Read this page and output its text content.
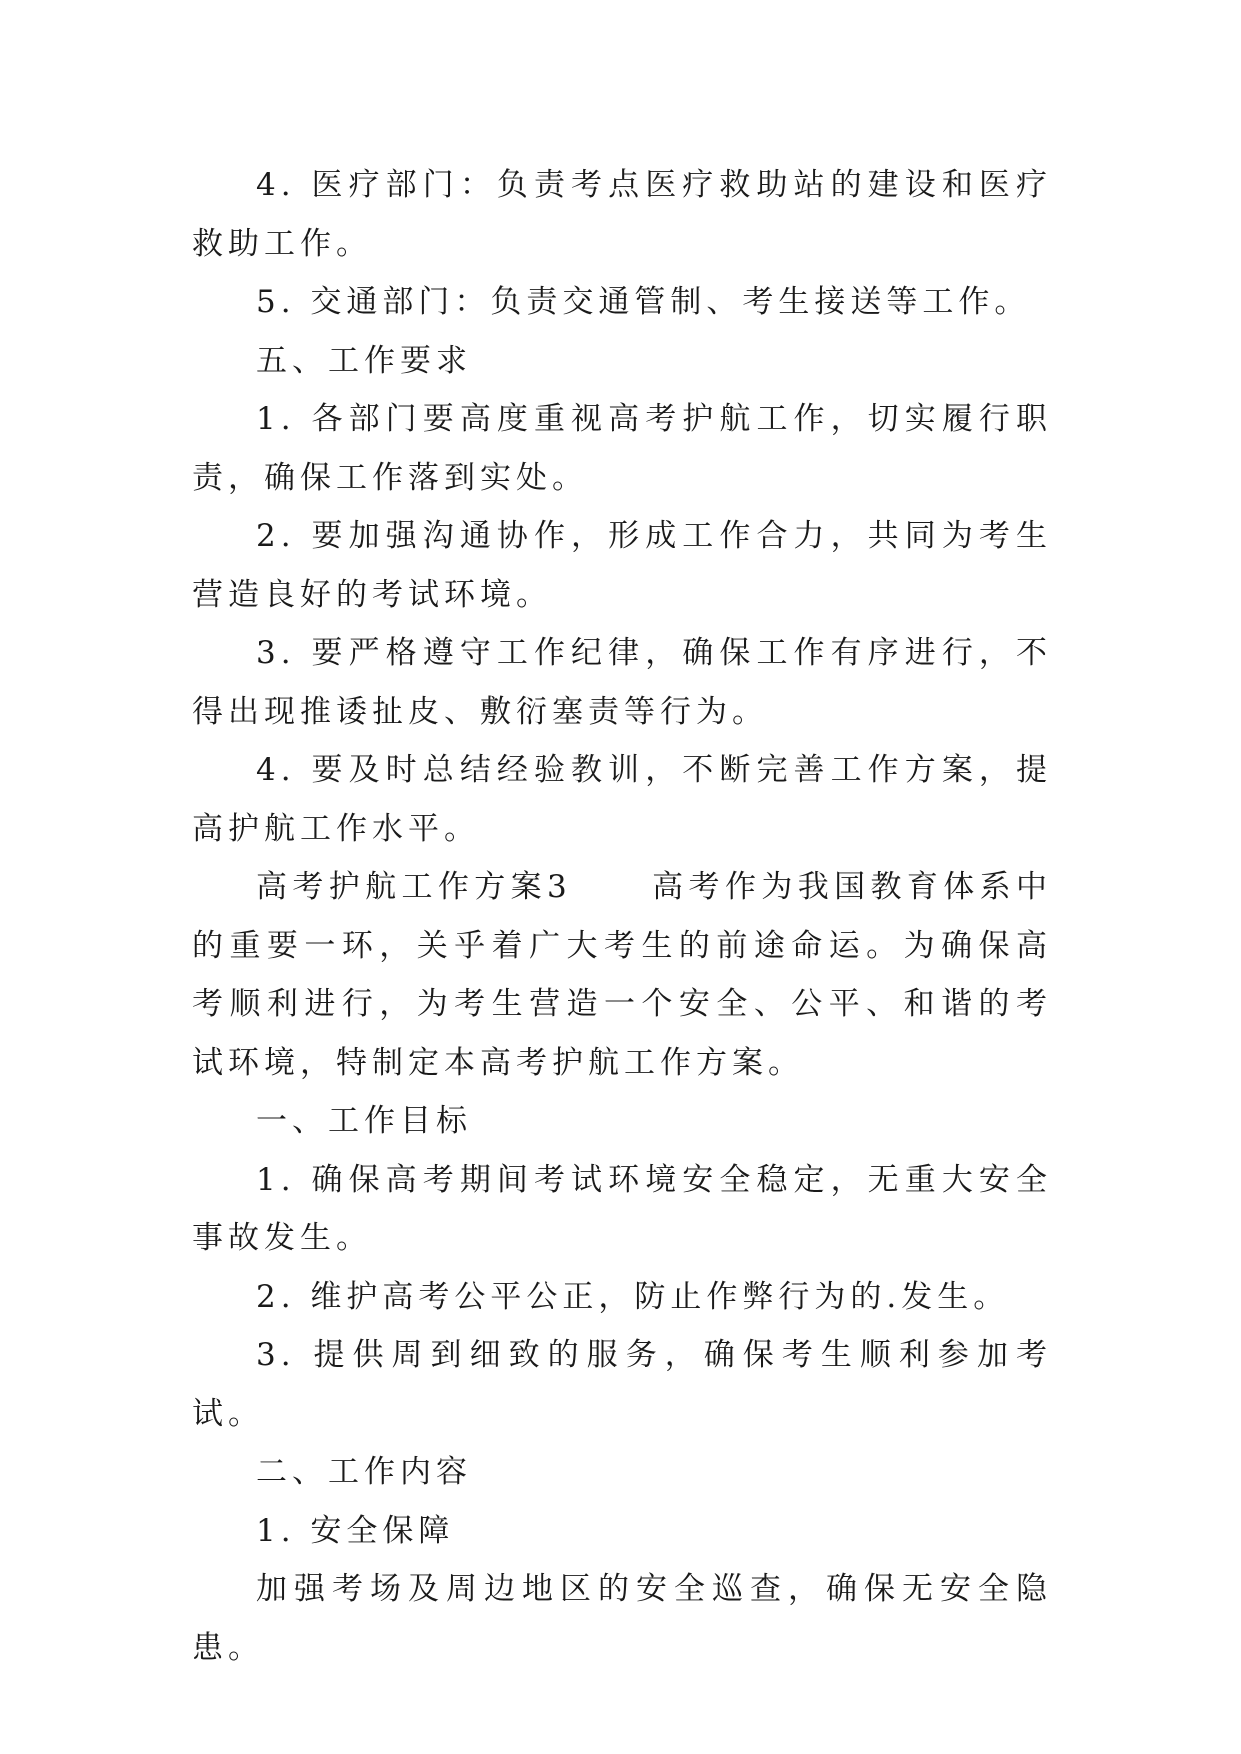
4. 医疗部门：负责考点医疗救助站的建设和医疗救助工作。

5. 交通部门：负责交通管制、考生接送等工作。

五、工作要求

1. 各部门要高度重视高考护航工作，切实履行职责，确保工作落到实处。

2. 要加强沟通协作，形成工作合力，共同为考生营造良好的考试环境。

3. 要严格遵守工作纪律，确保工作有序进行，不得出现推诿扯皮、敷衍塞责等行为。

4. 要及时总结经验教训，不断完善工作方案，提高护航工作水平。

高考护航工作方案3	高考作为我国教育体系中的重要一环，关乎着广大考生的前途命运。为确保高考顺利进行，为考生营造一个安全、公平、和谐的考试环境，特制定本高考护航工作方案。

一、工作目标

1. 确保高考期间考试环境安全稳定，无重大安全事故发生。

2. 维护高考公平公正，防止作弊行为的.发生。

3. 提供周到细致的服务，确保考生顺利参加考试。

二、工作内容

1. 安全保障

加强考场及周边地区的安全巡查，确保无安全隐患。
